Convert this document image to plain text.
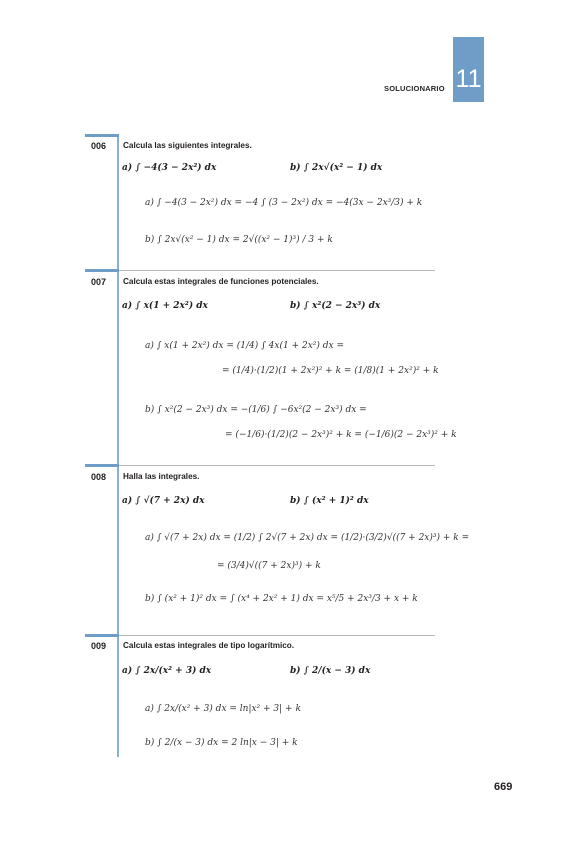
SOLUCIONARIO 11
006 Calcula las siguientes integrales.
a) ∫ −4(3 − 2x²) dx	b) ∫ 2x√(x² − 1) dx
a) ∫ −4(3 − 2x²) dx = −4 ∫ (3 − 2x²) dx = −4(3x − 2x³/3) + k
b) ∫ 2x√(x² − 1) dx = 2√((x² − 1)³) / 3 + k
007 Calcula estas integrales de funciones potenciales.
a) ∫ x(1 + 2x²) dx	b) ∫ x²(2 − 2x³) dx
a) ∫ x(1 + 2x²) dx = (1/4) ∫ 4x(1 + 2x²) dx =
= (1/4)·(1/2)(1 + 2x²)² + k = (1/8)(1 + 2x²)² + k
b) ∫ x²(2 − 2x³) dx = −(1/6) ∫ −6x²(2 − 2x³) dx =
= (−1/6)·(1/2)(2 − 2x³)² + k = (−1/6)(2 − 2x³)² + k
008 Halla las integrales.
a) ∫ √(7 + 2x) dx	b) ∫ (x² + 1)² dx
a) ∫ √(7 + 2x) dx = (1/2) ∫ 2√(7 + 2x) dx = (1/2)·(3/2)√((7 + 2x)³) + k =
= (3/4)√((7 + 2x)³) + k
b) ∫ (x² + 1)² dx = ∫ (x⁴ + 2x² + 1) dx = x⁵/5 + 2x³/3 + x + k
009 Calcula estas integrales de tipo logarítmico.
a) ∫ 2x/(x² + 3) dx	b) ∫ 2/(x − 3) dx
a) ∫ 2x/(x² + 3) dx = ln|x² + 3| + k
b) ∫ 2/(x − 3) dx = 2 ln|x − 3| + k
669
